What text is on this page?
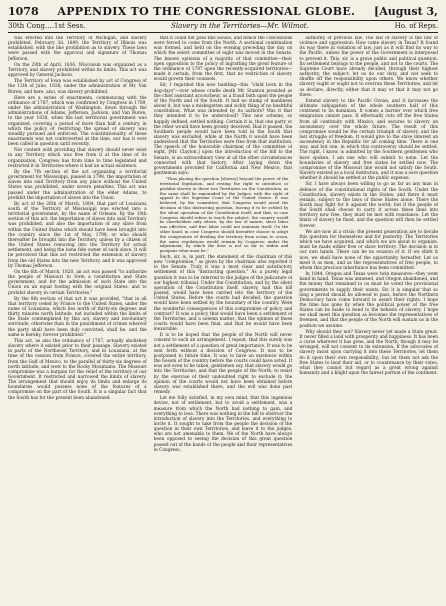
1078 APPENDIX TO THE CONGRESSIONAL GLOBE. [August 3,
30th Cong....1st Sess.	Slavery in the Territories—Mr. Wilmot.	Ho. of Reps.

was erected into the Territory of Michigan, and slavery prohibited. February 3d, 1809, the Territory of Illinois was established, with the like prohibition as to slavery. These laws were passed with the approval and signature of Thomas Jefferson.

On the 20th of April, 1836, Wisconsin was organized as a Territory, and slavery prohibited within its limits. This act was approved by General Jackson.

The Territory of Iowa was established by act of Congress of the 12th of June, 1838, under the administration of Mr. Van Buren; and here, also, was slavery prohibited.

Here are a series of enactments, commencing with the ordinance of 1787, which was confirmed by Congress in 1789, under the administration of Washington, down through the administrations of Adams, Jefferson, Jackson, and Van Buren, to the year 1838, when the last territorial government was organized, covering a period of more than half a century, in which the policy of restricting the spread of slavery was steadily pursued and enforced. The constitutionality of these enactments was not controverted at the time, nor has it ever been called in question until recently.

Not content with providing that slavery should never exist in any Territory which was free from it at the time of its organization, Congress has from time to time legislated and restricted it in Territories where it had an actual existence.

By the 7th section of the act organizing a territorial government for Mississippi, passed in 1798, the importation of slaves into said Territory from any place without the United States was prohibited, under severe penalties. This act was passed under the administration of the elder Adams, to prohibit the importation of slaves into the Union.

By act of the 26th of March, 1804, that part of Louisiana south of the Territory of Mississippi was erected into a territorial government, by the name of Orleans. By the 10th section of this act, the importation of slaves into said Territory was prohibited, and also the importation of any slave from within the United States which should have been brought into the country since the 1st of May, 1798, or who should thereafter be brought into the Territory, unless by a citizen of the United States removing into the Territory for actual settlement, and being the bona fide owner of such slave. It will be perceived that this act restricted the extension of slavery from the old States into the new Territory, and it was approved by Thomas Jefferson.

On the 6th of March, 1820, an act was passed "to authorize the people of Missouri to form a constitution and State government, and for the admission of such State into the Union on an equal footing with the original States, and to prohibit slavery in certain Territories."

By the 8th section of that act it was provided, "that in all that territory ceded by France to the United States, under the name of Louisiana, which lies north of thirty-six degrees and thirty minutes north latitude, not included within the limits of the State contemplated by this act, slavery and involuntary servitude, otherwise than in the punishment of crimes whereof the party shall have been duly convicted, shall be, and the same is hereby, forever prohibited."

This act, as also the ordinance of 1787, actually abolished slavery where it existed prior to their passage. Slavery existed in parts of the Northwest Territory, and in Louisiana, at the time of the cession from France, covered the entire territory, from the Gulf of Mexico, to the parallel of thirty-six degrees of north latitude, and west to the Rocky Mountains. The Missouri compromise was a bargain for the relief of the territory of our Government. It restricted and narrowed the limits of slavery. The arrangement that should enjoy its limits and enlarge its boundaries would possess none of the features of a compromise on the part of the South. It is a singular fact that the South has for the present been abandoned.

that it could not pass this House, and hence the concessions were forced to come from the North. A sectional combination was formed, and held on the evening preceding the day on which the select committee of eight was moved in the Senate. The known opinions of a majority of that committee—their open opposition to the policy of ingrafting the great feature of the ordinance of 1787 upon the recently-acquired territories—made it certain, from the first, that no restriction of slavery would govern their counsels.

Sir, I regarded this new bantling—this "child born in the dog-days"—over whose cradle death Mr. Stanton presided as the chief assistant accoucheur, as a fraud both upon the people of the North and of the South. It had no stamp of manliness about it, but was a misbegotten and sickly thing of no healthful constitution. What was intended by its authors? Was it that they intended it to be understood? This new scheme, so happily defined, settled nothing. Certain it is, that one party or the other would have been grossly deceived. Had it passed, the Southern people would have been told in the South that slavery was excluded, while at the North it would have been understood that the Territories were free from that institution. The speech of the honorable chairman of the committee of eight, [Mr. Clayton,] upon the introduction of the bill to the Senate, is an extraordinary view at all the other circumstances connected with that history. After laying down the governments provided for California and New Mexico, that gentleman says:

"Thus placing the question [slavery] beyond the power of the territorial legislation, and resting the right to introduce or prohibit slavery in these two Territories on the Constitution, as the same shall be expounded by the Judges, with the right of appeal to the Supreme Court of the United States. It was believed, by the committee, that Congress would avoid the decision of this distracting question, leaving it to be settled by the silent operation of the Constitution itself; and that, in case Congress should refuse to touch the subject, the country would be slaveholders only where, by the law of nature, slave labor was effective, and free labor could not maintain itself. On the other hand, in case Congress should hereafter choose to adopt the compromise of dividing the territory from ocean to ocean, the same regulations would remain by Congress, under the adjustment, by which the door is not so far to widen and postpone what must be."

Such, sir, is, in part, the statement of the chairman of this new "compromise," as given by the chairman who reported it to the Senate. Truly it was a most clear and satisfactory settlement of this "distracting question." As a purely legal question it was to be referred to the judges of the judicature of our highest tribunal. Under the Constitution, and by the silent operation of the Constitution itself, slavery, had this bill passed, would have been carried into the territory of the United States. Before the courts had decided, the question would have been settled by the boundary of the country. Were the wonderful consequences of this compromise of policy and contract? It was a policy that would have been a settlement of the Territories, and a solemn matter; that the opinion of these courts would have been final, and that he would have been inexorable.

It is to be hoped that the people of the North will never consent to such an arrangement. I repeat, that this surely was not a settlement of a question of great importance. It was to be sent forth without a decision of Congress. It was to be postponed to future time. It was to have an existence within the bosom of the country before the courts could have acted. It was not even to be taken, gentlemen say, that slavery would go into the Territories, and that the people of the North, to resist by the exercise of their undoubted right to exclude it; the opinion of the courts would not have been obtained before slavery was established there, and the evil was done past remedy.

Let me fully satisfied, in my own mind, that this ingenious device, not of settlement, but to avoid a settlement, was a measure from which the North had nothing to gain, and everything to lose. There was nothing in the bill to obstruct the introduction of slavery into the Territories, and everything to invite it. It sought to take from the people the decision of the question in their own Territories, and leave it to the judges, who are not amenable to them. We of the North have always been opposed to seeing the decision of this great question passed out of the hands of the people and their representatives in Congress.

authority of previous law. The law of slavery is the law of violence and oppression. How came slavery in Texas? It found its way there in violation of law, just as it will find its way to the Pacific, unless the power of the Government is interposed to prevent it. This, sir, is a grave public and political question. Its settlement belongs to the people, and not to the courts. The Supreme Court have already decided, through their highest authority, the subject; let us do our duty, and not seek to shuffle off the responsibility upon others. We know whether slavery ought or ought not to overrun these Territories, and let us declare, directly, either that it may or that it may not go there.

Extend slavery to the Pacific Ocean, and it increases the ultimate subjugation of the whole southern half of this continent to its dominion. It comes a barrier over which free emigration cannot pass. It effectually cuts off the free States from all continuity with Mexico, and secures to slavery an ascendency over the whole future. The result of this compromise would be the certain triumph of slavery, and the last struggle of freedom. It would give to the slave interest an ascendency in the Republic for all coming time. There is one way, and but one, in which this controversy should be settled. The right, I know, is admitted by the Southern gentlemen who have spoken. I am one who will submit to none. Let the boundaries of slavery and free states be settled now. The compromise of the Missouri line would not satisfy the South. Slavery existed as a local institution, and it was a sore question whether it should be settled at the public expense.

Sir, I have always been willing to go as far as any man in defence of the constitutional rights of the South. Under the Constitution, slavery exists in the States; and there it must remain, subject to the laws of those States alone. There the South may fight for it against the world; but if the people of the South shall choose to carry it across these lines into territory now free, they must be met with resistance. Let the limits of slavery be fixed, and the question will then be settled forever.

We are now at a crisis; the present generation are to decide this question for themselves and for posterity. The Territories which we have acquired, and which we are about to organize, must be made either free or slave territory. The decision is in our own hands. There can be no evasion of it. If we shirk it now, we shall have none of the opportunity hereafter. Let us meet it as men, and as the representatives of free people, to whom this precious inheritance has been committed.

In 1844, Oregon and Texas were twin measures—they went hand in hand. Texas was annexed, and Oregon abandoned, and the money that remained to us must be voted the provisional governments to supply their wants. Sir, it is singular that so long a period should be allowed to pass, before the Northern Democracy have come forward to assert their rights. I hope the time has gone by when the political power of the free States can be made to bend to the behests of slavery. I hope we shall meet this question as becomes the representatives of freemen, and that the people of the North will sustain us in the position we assume.

Why should they not? Slavery never yet made a State great. It never filled a land with prosperity and happiness. It has been a curse wherever it has gone, and the North, though it may be wronged, will not consent to its extension. If the advocates of slavery insist upon carrying it into these Territories, let them do it upon their own responsibility; but let them not ask the free States to lend their aid, or to countenance by their votes, what they cannot but regard as a great wrong against humanity and a blight upon the fairest portion of the continent.
